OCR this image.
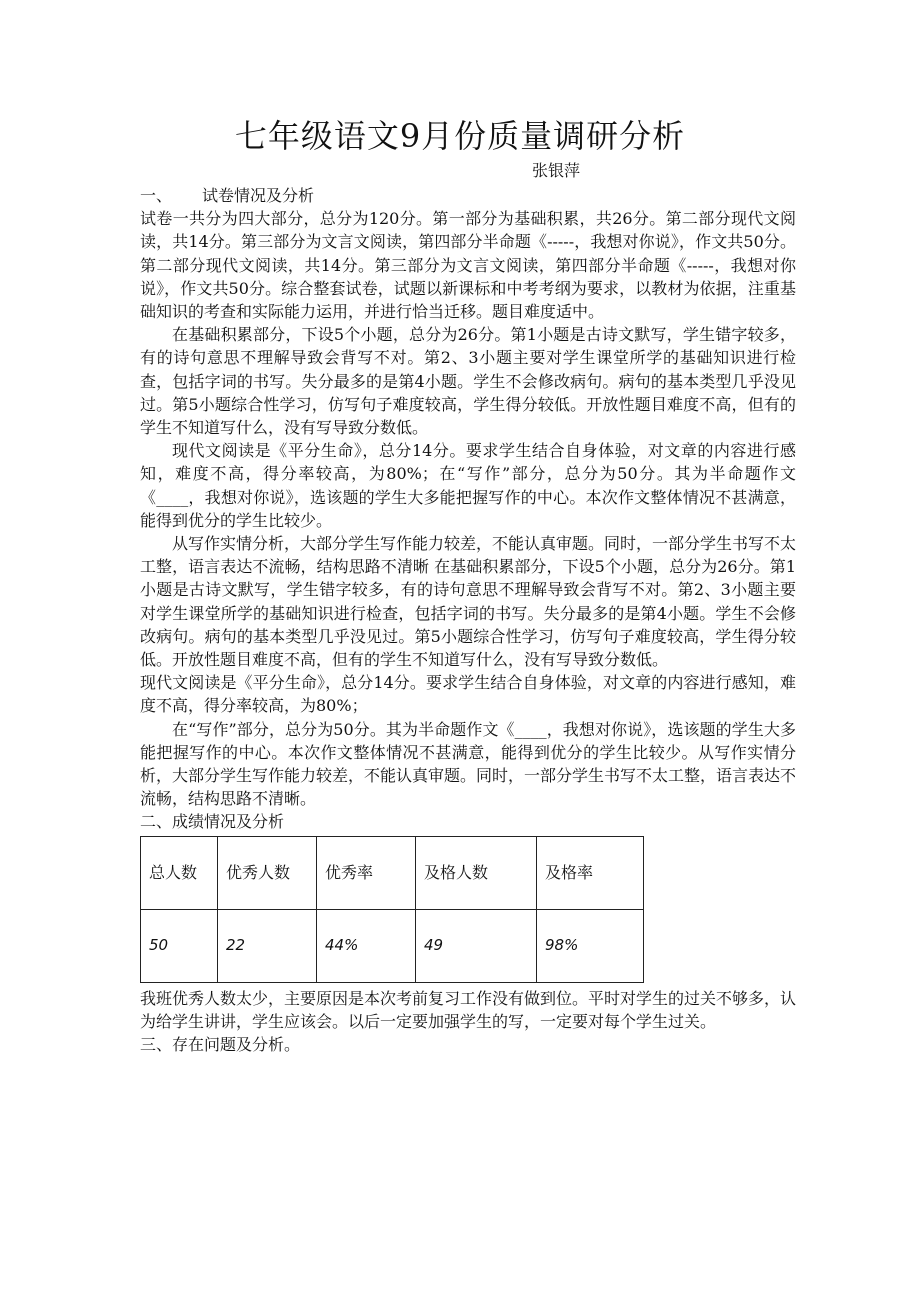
七年级语文9月份质量调研分析
张银萍

一、 试卷情况及分析

试卷一共分为四大部分，总分为120分。第一部分为基础积累，共26分。第二部分现代文阅读，共14分。第三部分为文言文阅读，第四部分半命题《-----，我想对你说》，作文共50分。第二部分现代文阅读，共14分。第三部分为文言文阅读，第四部分半命题《-----，我想对你说》，作文共50分。综合整套试卷，试题以新课标和中考考纲为要求，以教材为依据，注重基础知识的考查和实际能力运用，并进行恰当迁移。题目难度适中。

在基础积累部分，下设5个小题，总分为26分。第1小题是古诗文默写，学生错字较多，有的诗句意思不理解导致会背写不对。第2、3小题主要对学生课堂所学的基础知识进行检查，包括字词的书写。失分最多的是第4小题。学生不会修改病句。病句的基本类型几乎没见过。第5小题综合性学习，仿写句子难度较高，学生得分较低。开放性题目难度不高，但有的学生不知道写什么，没有写导致分数低。

现代文阅读是《平分生命》，总分14分。要求学生结合自身体验，对文章的内容进行感知，难度不高，得分率较高，为80%；在“写作”部分，总分为50分。其为半命题作文《____，我想对你说》，选该题的学生大多能把握写作的中心。本次作文整体情况不甚满意，能得到优分的学生比较少。

从写作实情分析，大部分学生写作能力较差，不能认真审题。同时，一部分学生书写不太工整，语言表达不流畅，结构思路不清晰 在基础积累部分，下设5个小题，总分为26分。第1小题是古诗文默写，学生错字较多，有的诗句意思不理解导致会背写不对。第2、3小题主要对学生课堂所学的基础知识进行检查，包括字词的书写。失分最多的是第4小题。学生不会修改病句。病句的基本类型几乎没见过。第5小题综合性学习，仿写句子难度较高，学生得分较低。开放性题目难度不高，但有的学生不知道写什么，没有写导致分数低。

现代文阅读是《平分生命》，总分14分。要求学生结合自身体验，对文章的内容进行感知，难度不高，得分率较高，为80%；

在“写作”部分，总分为50分。其为半命题作文《____，我想对你说》，选该题的学生大多能把握写作的中心。本次作文整体情况不甚满意，能得到优分的学生比较少。从写作实情分析，大部分学生写作能力较差，不能认真审题。同时，一部分学生书写不太工整，语言表达不流畅，结构思路不清晰。

二、成绩情况及分析

总人数	优秀人数	优秀率	及格人数	及格率
50	22	44%	49	98%

我班优秀人数太少，主要原因是本次考前复习工作没有做到位。平时对学生的过关不够多，认为给学生讲讲，学生应该会。以后一定要加强学生的写，一定要对每个学生过关。

三、存在问题及分析。
